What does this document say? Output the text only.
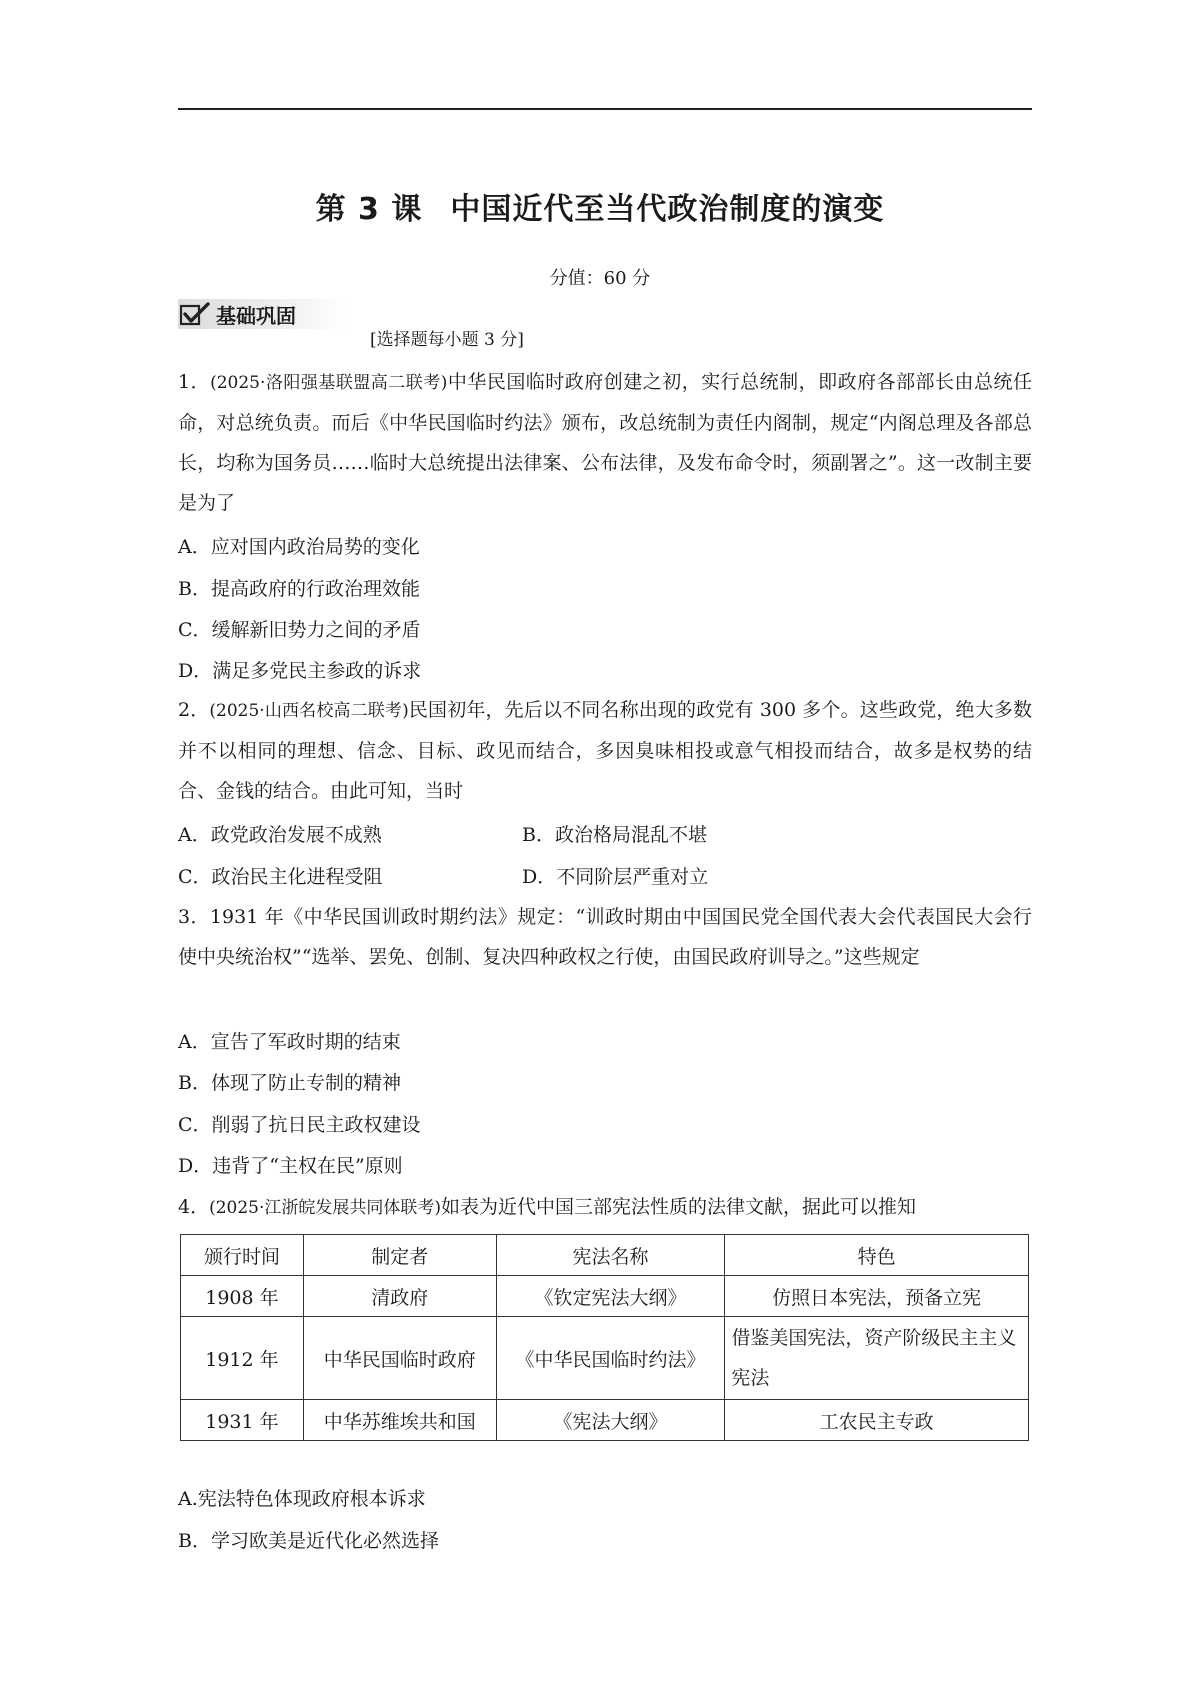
第 3 课 中国近代至当代政治制度的演变
分值：60 分
基础巩固
[选择题每小题 3 分]
1．(2025·洛阳强基联盟高二联考)中华民国临时政府创建之初，实行总统制，即政府各部部长由总统任命，对总统负责。而后《中华民国临时约法》颁布，改总统制为责任内阁制，规定“内阁总理及各部总长，均称为国务员……临时大总统提出法律案、公布法律，及发布命令时，须副署之”。这一改制主要是为了
A．应对国内政治局势的变化
B．提高政府的行政治理效能
C．缓解新旧势力之间的矛盾
D．满足多党民主参政的诉求
2．(2025·山西名校高二联考)民国初年，先后以不同名称出现的政党有 300 多个。这些政党，绝大多数并不以相同的理想、信念、目标、政见而结合，多因臭味相投或意气相投而结合，故多是权势的结合、金钱的结合。由此可知，当时
A．政党政治发展不成熟	B．政治格局混乱不堪
C．政治民主化进程受阻	D．不同阶层严重对立
3．1931 年《中华民国训政时期约法》规定：“训政时期由中国国民党全国代表大会代表国民大会行使中央统治权”“选举、罢免、创制、复决四种政权之行使，由国民政府训导之。”这些规定
A．宣告了军政时期的结束
B．体现了防止专制的精神
C．削弱了抗日民主政权建设
D．违背了“主权在民”原则
4．(2025·江浙皖发展共同体联考)如表为近代中国三部宪法性质的法律文献，据此可以推知
颁行时间	制定者	宪法名称	特色
1908 年	清政府	《钦定宪法大纲》	仿照日本宪法，预备立宪
1912 年	中华民国临时政府	《中华民国临时约法》	借鉴美国宪法，资产阶级民主主义宪法
1931 年	中华苏维埃共和国	《宪法大纲》	工农民主专政
A.宪法特色体现政府根本诉求
B．学习欧美是近代化必然选择
